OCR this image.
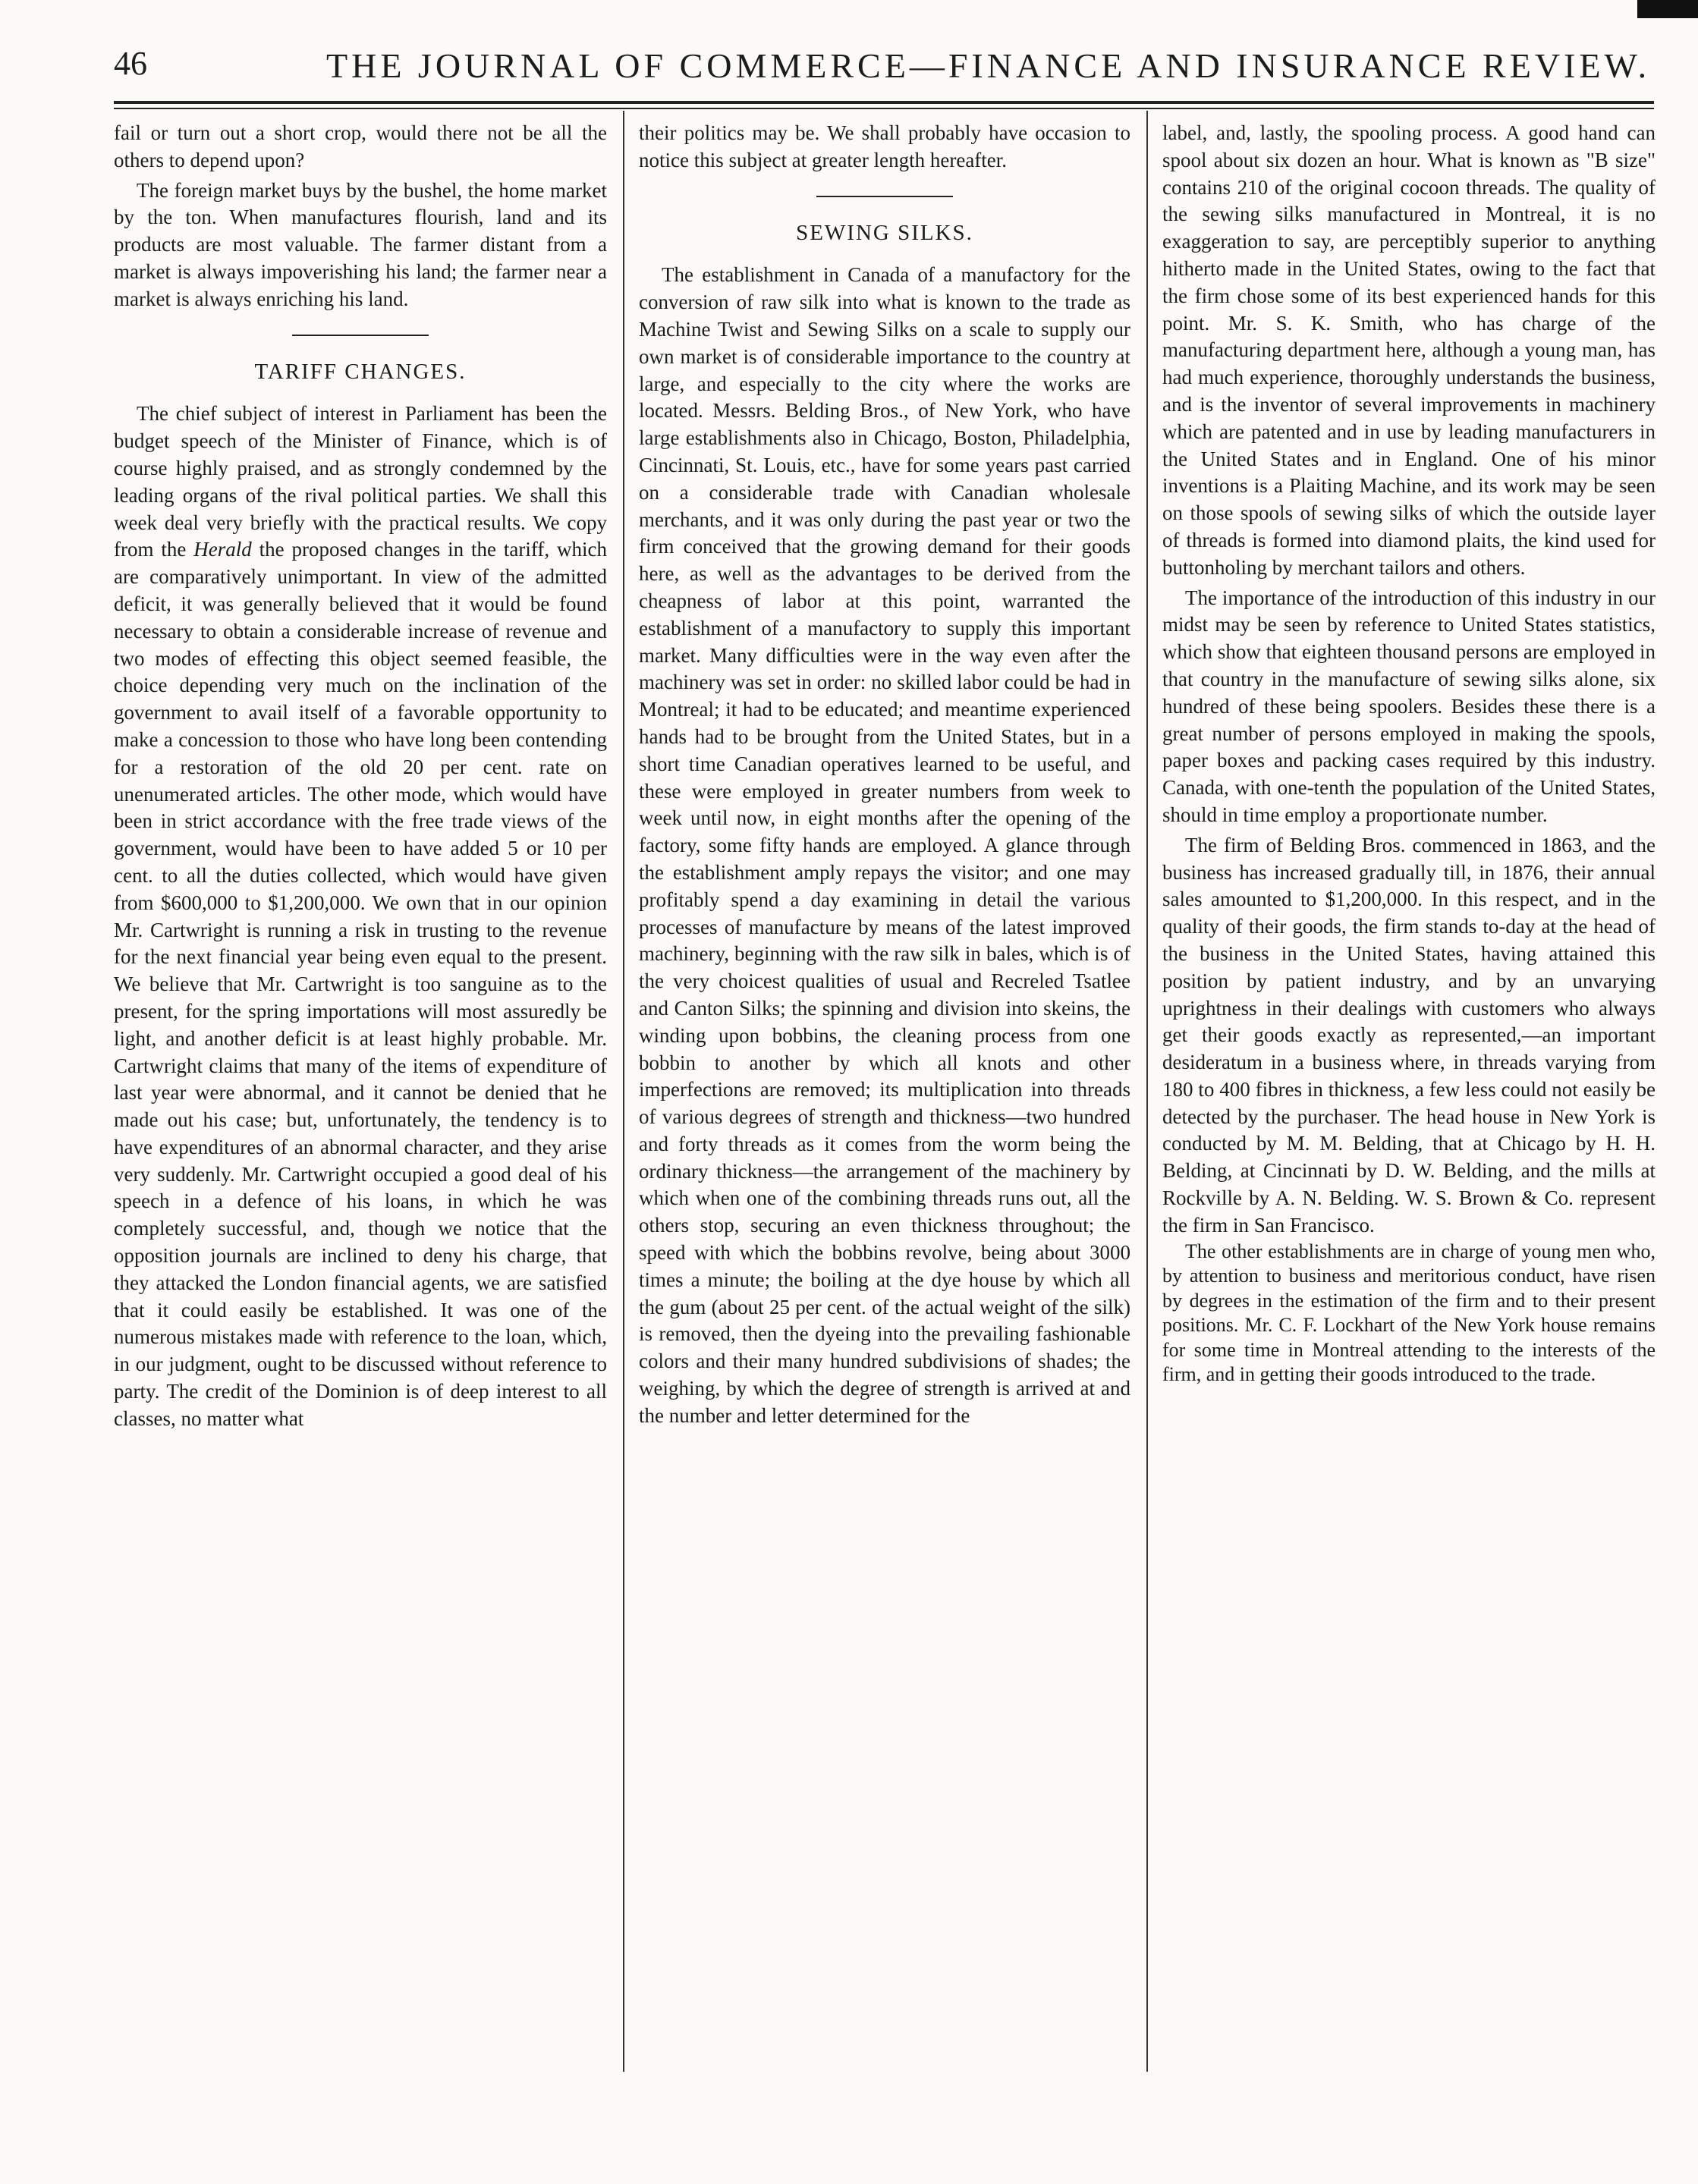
46	THE JOURNAL OF COMMERCE—FINANCE AND INSURANCE REVIEW.

fail or turn out a short crop, would there not be all the others to depend upon?

The foreign market buys by the bushel, the home market by the ton. When manufactures flourish, land and its products are most valuable. The farmer distant from a market is always impoverishing his land; the farmer near a market is always enriching his land.

TARIFF CHANGES.

The chief subject of interest in Parliament has been the budget speech of the Minister of Finance, which is of course highly praised, and as strongly condemned by the leading organs of the rival political parties. We shall this week deal very briefly with the practical results. We copy from the Herald the proposed changes in the tariff, which are comparatively unimportant. In view of the admitted deficit, it was generally believed that it would be found necessary to obtain a considerable increase of revenue and two modes of effecting this object seemed feasible, the choice depending very much on the inclination of the government to avail itself of a favorable opportunity to make a concession to those who have long been contending for a restoration of the old 20 per cent. rate on unenumerated articles. The other mode, which would have been in strict accordance with the free trade views of the government, would have been to have added 5 or 10 per cent. to all the duties collected, which would have given from $600,000 to $1,200,000. We own that in our opinion Mr. Cartwright is running a risk in trusting to the revenue for the next financial year being even equal to the present. We believe that Mr. Cartwright is too sanguine as to the present, for the spring importations will most assuredly be light, and another deficit is at least highly probable. Mr. Cartwright claims that many of the items of expenditure of last year were abnormal, and it cannot be denied that he made out his case; but, unfortunately, the tendency is to have expenditures of an abnormal character, and they arise very suddenly. Mr. Cartwright occupied a good deal of his speech in a defence of his loans, in which he was completely successful, and, though we notice that the opposition journals are inclined to deny his charge, that they attacked the London financial agents, we are satisfied that it could easily be established. It was one of the numerous mistakes made with reference to the loan, which, in our judgment, ought to be discussed without reference to party. The credit of the Dominion is of deep interest to all classes, no matter what

their politics may be. We shall probably have occasion to notice this subject at greater length hereafter.

SEWING SILKS.

The establishment in Canada of a manufactory for the conversion of raw silk into what is known to the trade as Machine Twist and Sewing Silks on a scale to supply our own market is of considerable importance to the country at large, and especially to the city where the works are located. Messrs. Belding Bros., of New York, who have large establishments also in Chicago, Boston, Philadelphia, Cincinnati, St. Louis, etc., have for some years past carried on a considerable trade with Canadian wholesale merchants, and it was only during the past year or two the firm conceived that the growing demand for their goods here, as well as the advantages to be derived from the cheapness of labor at this point, warranted the establishment of a manufactory to supply this important market. Many difficulties were in the way even after the machinery was set in order: no skilled labor could be had in Montreal; it had to be educated; and meantime experienced hands had to be brought from the United States, but in a short time Canadian operatives learned to be useful, and these were employed in greater numbers from week to week until now, in eight months after the opening of the factory, some fifty hands are employed. A glance through the establishment amply repays the visitor; and one may profitably spend a day examining in detail the various processes of manufacture by means of the latest improved machinery, beginning with the raw silk in bales, which is of the very choicest qualities of usual and Recreled Tsatlee and Canton Silks; the spinning and division into skeins, the winding upon bobbins, the cleaning process from one bobbin to another by which all knots and other imperfections are removed; its multiplication into threads of various degrees of strength and thickness—two hundred and forty threads as it comes from the worm being the ordinary thickness—the arrangement of the machinery by which when one of the combining threads runs out, all the others stop, securing an even thickness throughout; the speed with which the bobbins revolve, being about 3000 times a minute; the boiling at the dye house by which all the gum (about 25 per cent. of the actual weight of the silk) is removed, then the dyeing into the prevailing fashionable colors and their many hundred subdivisions of shades; the weighing, by which the degree of strength is arrived at and the number and letter determined for the

label, and, lastly, the spooling process. A good hand can spool about six dozen an hour. What is known as "B size" contains 210 of the original cocoon threads. The quality of the sewing silks manufactured in Montreal, it is no exaggeration to say, are perceptibly superior to anything hitherto made in the United States, owing to the fact that the firm chose some of its best experienced hands for this point. Mr. S. K. Smith, who has charge of the manufacturing department here, although a young man, has had much experience, thoroughly understands the business, and is the inventor of several improvements in machinery which are patented and in use by leading manufacturers in the United States and in England. One of his minor inventions is a Plaiting Machine, and its work may be seen on those spools of sewing silks of which the outside layer of threads is formed into diamond plaits, the kind used for buttonholing by merchant tailors and others.

The importance of the introduction of this industry in our midst may be seen by reference to United States statistics, which show that eighteen thousand persons are employed in that country in the manufacture of sewing silks alone, six hundred of these being spoolers. Besides these there is a great number of persons employed in making the spools, paper boxes and packing cases required by this industry. Canada, with one-tenth the population of the United States, should in time employ a proportionate number.

The firm of Belding Bros. commenced in 1863, and the business has increased gradually till, in 1876, their annual sales amounted to $1,200,000. In this respect, and in the quality of their goods, the firm stands to-day at the head of the business in the United States, having attained this position by patient industry, and by an unvarying uprightness in their dealings with customers who always get their goods exactly as represented,—an important desideratum in a business where, in threads varying from 180 to 400 fibres in thickness, a few less could not easily be detected by the purchaser. The head house in New York is conducted by M. M. Belding, that at Chicago by H. H. Belding, at Cincinnati by D. W. Belding, and the mills at Rockville by A. N. Belding. W. S. Brown & Co. represent the firm in San Francisco.

The other establishments are in charge of young men who, by attention to business and meritorious conduct, have risen by degrees in the estimation of the firm and to their present positions. Mr. C. F. Lockhart of the New York house remains for some time in Montreal attending to the interests of the firm, and in getting their goods introduced to the trade.
